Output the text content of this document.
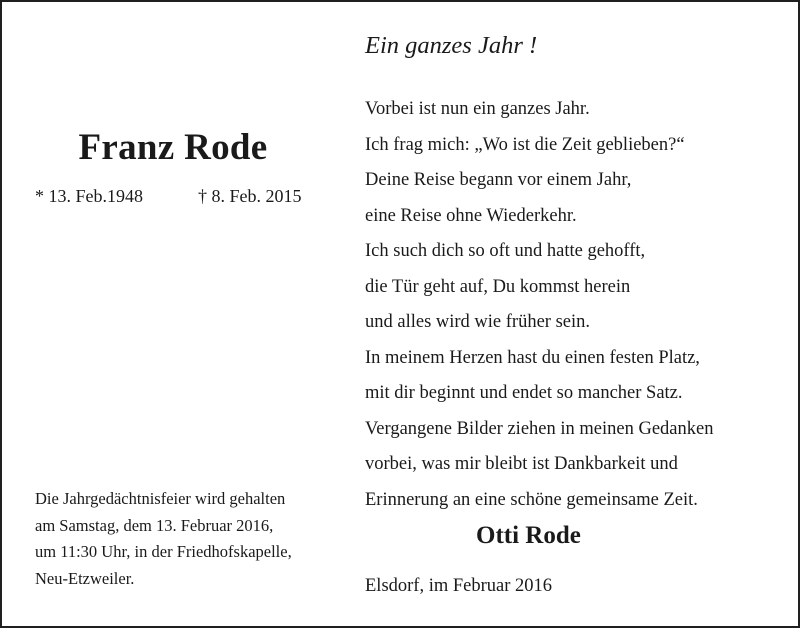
Franz Rode
* 13. Feb.1948	† 8. Feb. 2015
Die Jahrgedächtnisfeier wird gehalten
am Samstag, dem 13. Februar 2016,
um 11:30 Uhr, in der Friedhofskapelle,
Neu-Etzweiler.
Ein ganzes Jahr !
Vorbei ist nun ein ganzes Jahr.
Ich frag mich: „Wo ist die Zeit geblieben?“
Deine Reise begann vor einem Jahr,
eine Reise ohne Wiederkehr.
Ich such dich so oft und hatte gehofft,
die Tür geht auf, Du kommst herein
und alles wird wie früher sein.
In meinem Herzen hast du einen festen Platz,
mit dir beginnt und endet so mancher Satz.
Vergangene Bilder ziehen in meinen Gedanken
vorbei, was mir bleibt ist Dankbarkeit und
Erinnerung an eine schöne gemeinsame Zeit.
Otti Rode
Elsdorf, im Februar 2016
